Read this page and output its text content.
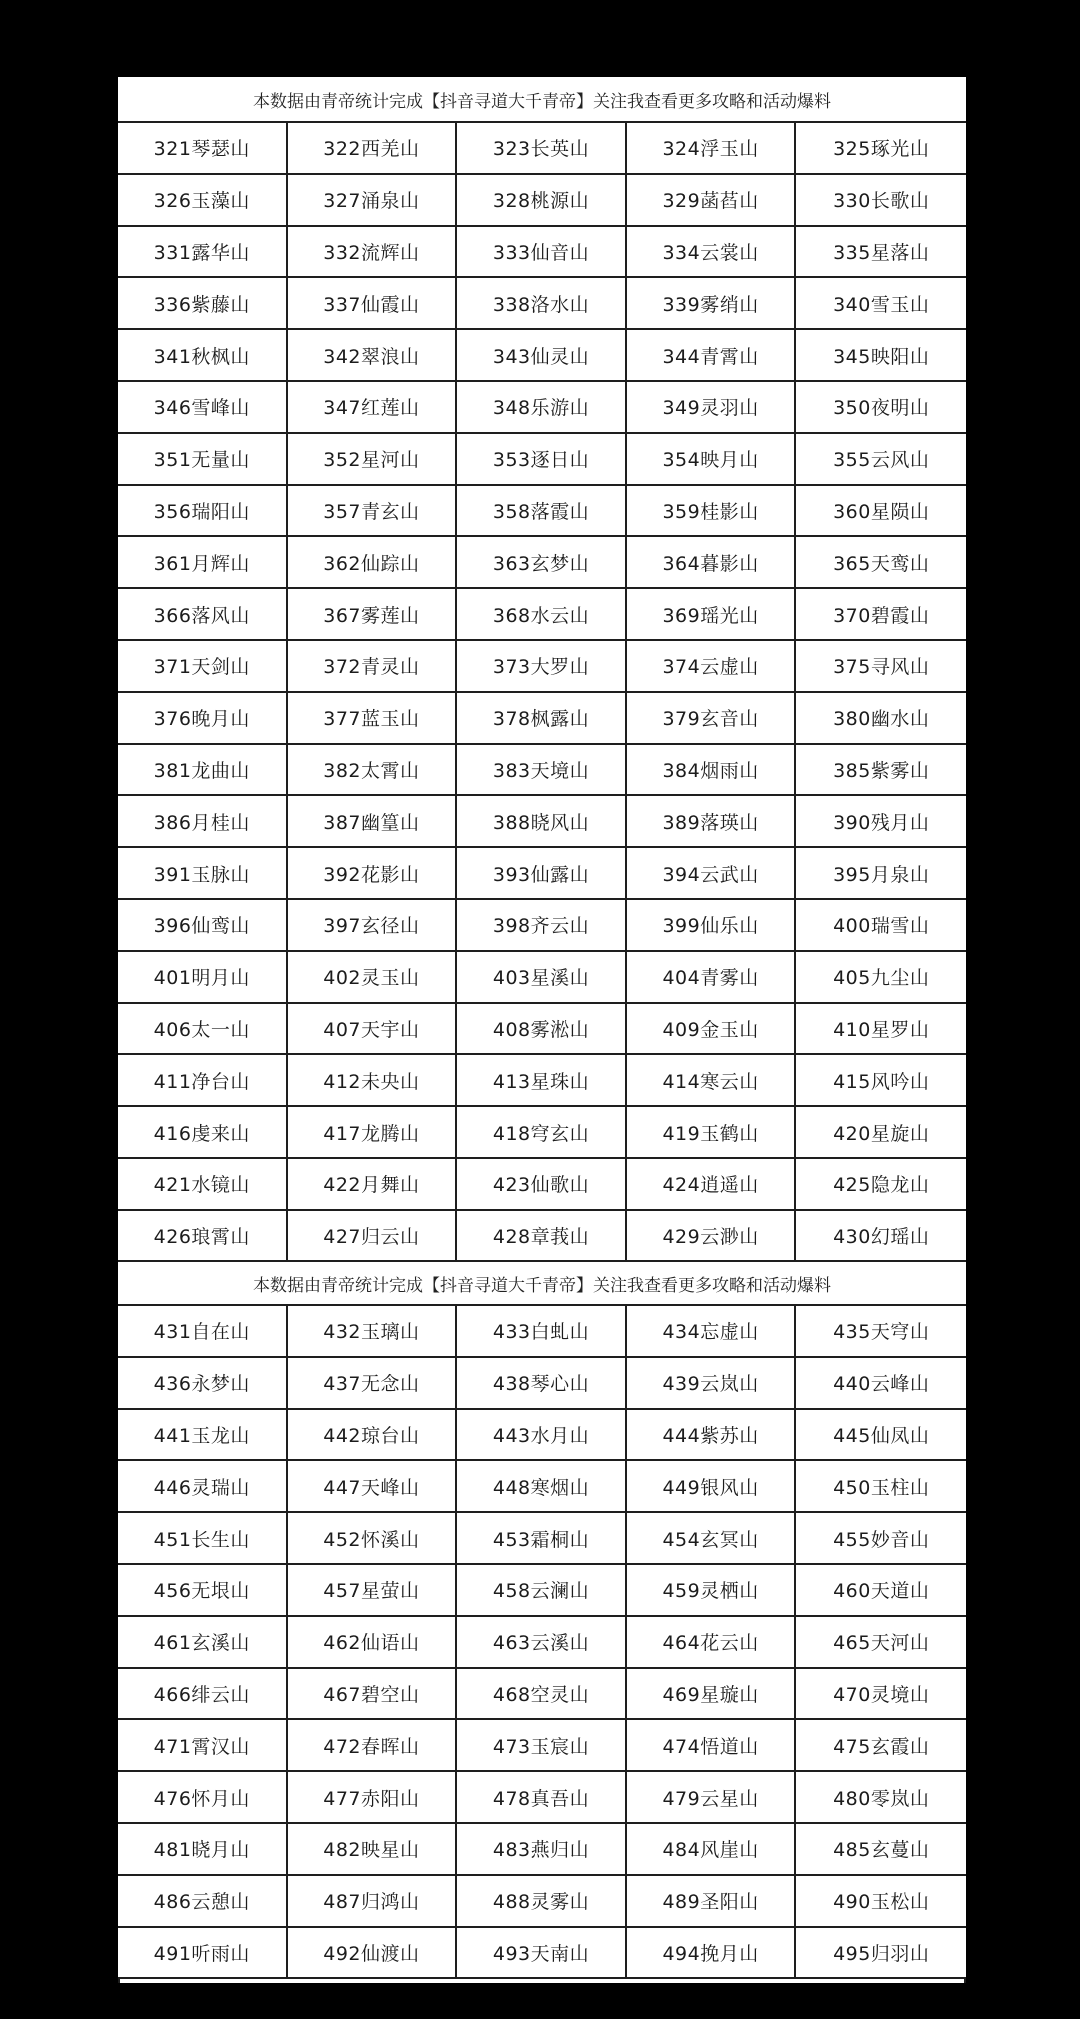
本数据由青帝统计完成【抖音寻道大千青帝】关注我查看更多攻略和活动爆料
321琴瑟山	322西羌山	323长英山	324浮玉山	325琢光山
326玉藻山	327涌泉山	328桃源山	329菡萏山	330长歌山
331露华山	332流辉山	333仙音山	334云裳山	335星落山
336紫藤山	337仙霞山	338洛水山	339雾绡山	340雪玉山
341秋枫山	342翠浪山	343仙灵山	344青霄山	345映阳山
346雪峰山	347红莲山	348乐游山	349灵羽山	350夜明山
351无量山	352星河山	353逐日山	354映月山	355云风山
356瑞阳山	357青玄山	358落霞山	359桂影山	360星陨山
361月辉山	362仙踪山	363玄梦山	364暮影山	365天鸾山
366落风山	367雾莲山	368水云山	369瑶光山	370碧霞山
371天剑山	372青灵山	373大罗山	374云虚山	375寻风山
376晚月山	377蓝玉山	378枫露山	379玄音山	380幽水山
381龙曲山	382太霄山	383天境山	384烟雨山	385紫雾山
386月桂山	387幽篁山	388晓风山	389落瑛山	390残月山
391玉脉山	392花影山	393仙露山	394云武山	395月泉山
396仙鸾山	397玄径山	398齐云山	399仙乐山	400瑞雪山
401明月山	402灵玉山	403星溪山	404青雾山	405九尘山
406太一山	407天宇山	408雾淞山	409金玉山	410星罗山
411净台山	412未央山	413星珠山	414寒云山	415风吟山
416虔来山	417龙腾山	418穹玄山	419玉鹤山	420星旋山
421水镜山	422月舞山	423仙歌山	424逍遥山	425隐龙山
426琅霄山	427归云山	428章莪山	429云渺山	430幻瑶山
本数据由青帝统计完成【抖音寻道大千青帝】关注我查看更多攻略和活动爆料
431自在山	432玉璃山	433白虬山	434忘虚山	435天穹山
436永梦山	437无念山	438琴心山	439云岚山	440云峰山
441玉龙山	442琼台山	443水月山	444紫苏山	445仙凤山
446灵瑞山	447天峰山	448寒烟山	449银风山	450玉柱山
451长生山	452怀溪山	453霜桐山	454玄冥山	455妙音山
456无垠山	457星萤山	458云澜山	459灵栖山	460天道山
461玄溪山	462仙语山	463云溪山	464花云山	465天河山
466绯云山	467碧空山	468空灵山	469星璇山	470灵境山
471霄汉山	472春晖山	473玉宸山	474悟道山	475玄霞山
476怀月山	477赤阳山	478真吾山	479云星山	480零岚山
481晓月山	482映星山	483燕归山	484风崖山	485玄蔓山
486云憩山	487归鸿山	488灵雾山	489圣阳山	490玉松山
491听雨山	492仙渡山	493天南山	494挽月山	495归羽山
